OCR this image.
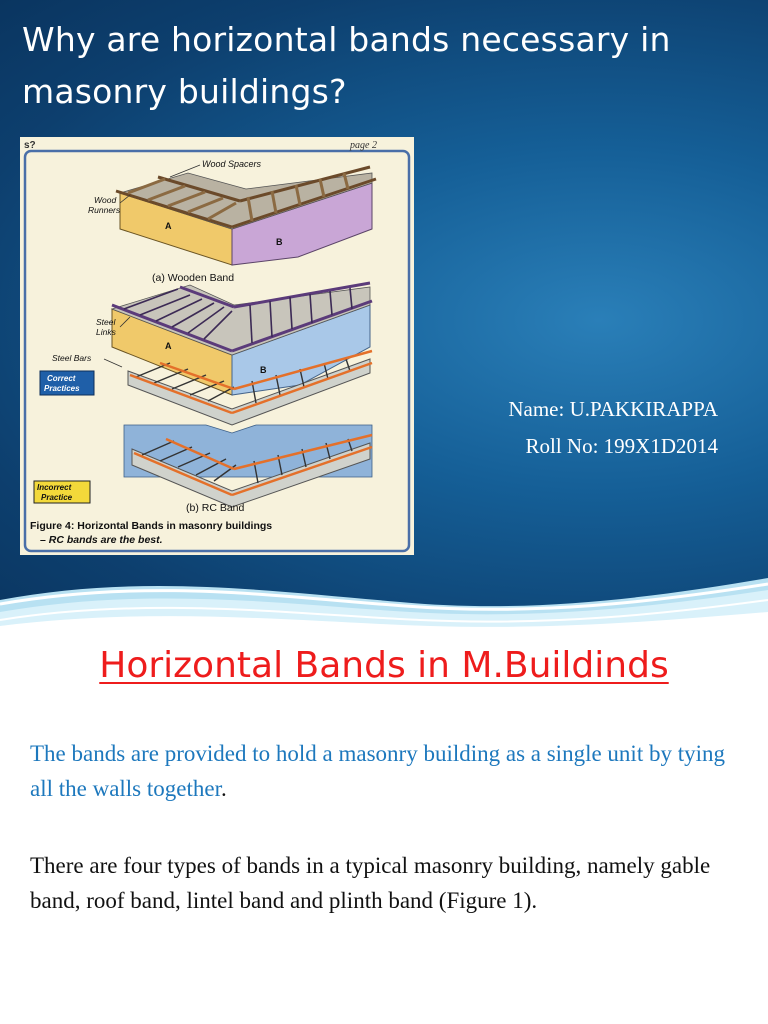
Why are horizontal bands necessary in masonry buildings?
s?	page 2
Wood Spacers
Wood
Runners
A
B
(a) Wooden Band
Steel
Links
A
B
Steel Bars
Correct
Practices
Incorrect
Practice
(b) RC Band
Figure 4: Horizontal Bands in masonry buildings
– RC bands are the best.
Name: U.PAKKIRAPPA
Roll No: 199X1D2014
Horizontal Bands in M.Buildinds

The bands are provided to hold a masonry building as a single unit by tying all the walls together.

There are four types of bands in a typical masonry building, namely gable band, roof band, lintel band and plinth band (Figure 1).
